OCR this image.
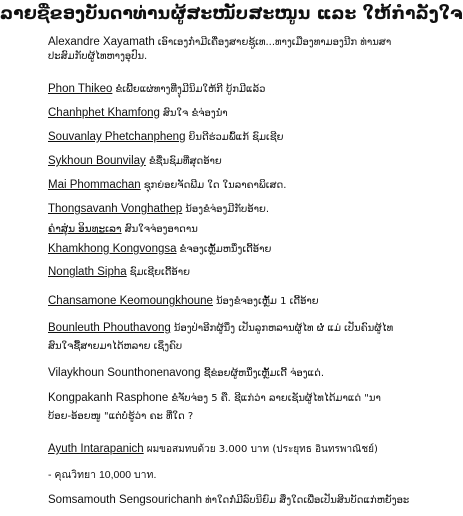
ລາຍຊື່ຂອງບັນດາທ່ານຜູ້ສະໜັບສະໜູນ ແລະ ໃຫ້ກຳລັງໃຈ
Alexandre Xayamath ເອົາເອງກ໋າມີເຄື່ອງສາຍຊູ້ເທ...ທາງເມືອງທາມອງນີກ ທ່ານສາ
ປະສົມກັບຜູ້ໄທຫາງອຸປົນ.
Phon Thikeo ຂໍເພີ້ຍແຜ່ທາງທີ່ງຸມີນິມໃຫ້ກີ ບູ້ກມີແລ້ວ
Chanhphet Khamfong ສົນໃຈ ຂໍຈ່ອງນຳ
Souvanlay Phetchanpheng ຍິນດີຮ່ວມພົ້ແກ້ ຊົມເຊີຍ
Sykhoun Bounvilay ຂໍຊື່ນຊົມທີ່ສຸດອ້າຍ
Mai Phommachan ຊຸກຍ່ອຍຈັດພີມ ໃດ ໃນລາຄາພິເສດ.
Thongsavanh Vonghathep ນ້ອງຂໍຈ່ອງມີກັບອ້າຍ.
ຄຳສຸ່ນ ອິນທະເລາ ສົນໃຈຈ່ອງອາດານ
Khamkhong Kongvongsa ຂໍຈອງເຫຼັ້ມຫນຶ່ງເດີ້ອ້າຍ
Nonglath Sipha ຊົມເຊີຍເດີ້ອ້າຍ
Chansamone Keomoungkhoune ນ້ອງຂໍຈອງເຫຼັ້ມ 1 ເດີ້ອ້າຍ
Bounleuth Phouthavong ນ້ອງປ່າອີກຜູ້ນຶ່ງ ເປັນລູກຫລານຜູ້ໄທ ຜໍ່ ແມ່ ເປັນຄົນຜູ້ໄທ
ສົນໃຈຊື້ສາຍມາໄດ້ຫລາຍ ເຊິ່ງຄົບ
Vilaykhoun Sounthonenavong ຊີ້ຂ່ອຍຜູ້ຫນຶ່ງເຫຼັ້ມເດີ້ ຈ່ອງແດ່.
Kongpakanh Rasphone ຂໍຈັບຈ່ອງ 5 ຄື. ຊີແກ່ວ່າ ລາຍເຊັນຜູ້ໄທໄດ້ມາແດ່ "ນາ
ບ້ອຍ-ອ້ອຍໜູ "ແຕ່ບໍ່ຮູ້ວ່າ ຄະ ທີ່ໃດ ?
Ayuth Intarapanich ผมขอสมทบด้วย 3.000 บาท (ประยุทธ อินทรพาณิชย์)
- คุณวิทยา 10,000 บาท.
Somsamouth Sengsourichanh ທ່າໃດກໍ່ມີລົບນິຍົມ ສຶ່ງໃດເພື່ອເປັນສິນບັດແກ່ຫຍັງອະ
